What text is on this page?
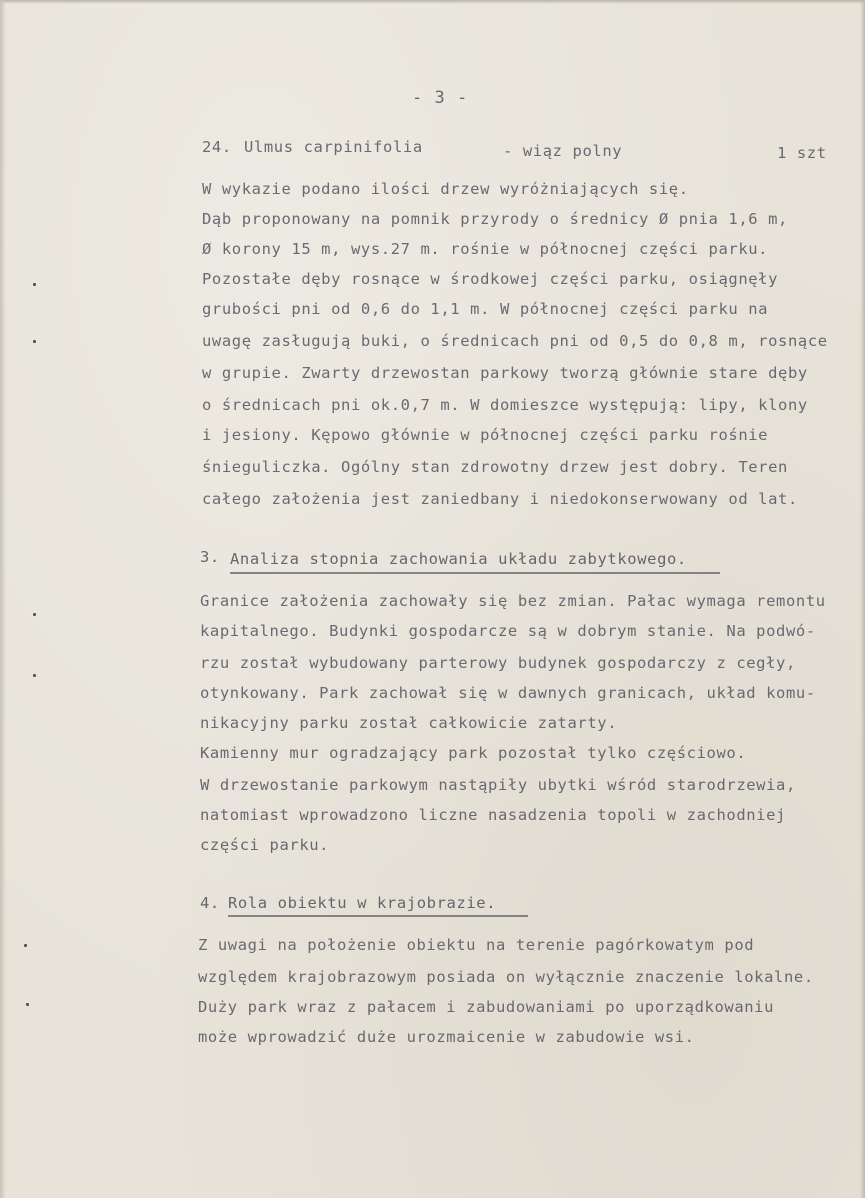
- 3 -
24. Ulmus carpinifolia	- wiąz polny	1 szt
W wykazie podano ilości drzew wyróżniających się.
Dąb proponowany na pomnik przyrody o średnicy Ø pnia 1,6 m,
Ø korony 15 m, wys.27 m. rośnie w północnej części parku.
Pozostałe dęby rosnące w środkowej części parku, osiągnęły
grubości pni od 0,6 do 1,1 m. W północnej części parku na
uwagę zasługują buki, o średnicach pni od 0,5 do 0,8 m, rosnące
w grupie. Zwarty drzewostan parkowy tworzą głównie stare dęby
o średnicach pni ok.0,7 m. W domieszce występują: lipy, klony
i jesiony. Kępowo głównie w północnej części parku rośnie
śnieguliczka. Ogólny stan zdrowotny drzew jest dobry. Teren
całego założenia jest zaniedbany i niedokonserwowany od lat.
3. Analiza stopnia zachowania układu zabytkowego.
Granice założenia zachowały się bez zmian. Pałac wymaga remontu
kapitalnego. Budynki gospodarcze są w dobrym stanie. Na podwó-
rzu został wybudowany parterowy budynek gospodarczy z cegły,
otynkowany. Park zachował się w dawnych granicach, układ komu-
nikacyjny parku został całkowicie zatarty.
Kamienny mur ogradzający park pozostał tylko częściowo.
W drzewostanie parkowym nastąpiły ubytki wśród starodrzewia,
natomiast wprowadzono liczne nasadzenia topoli w zachodniej
części parku.
4. Rola obiektu w krajobrazie.
Z uwagi na położenie obiektu na terenie pagórkowatym pod
względem krajobrazowym posiada on wyłącznie znaczenie lokalne.
Duży park wraz z pałacem i zabudowaniami po uporządkowaniu
może wprowadzić duże urozmaicenie w zabudowie wsi.
